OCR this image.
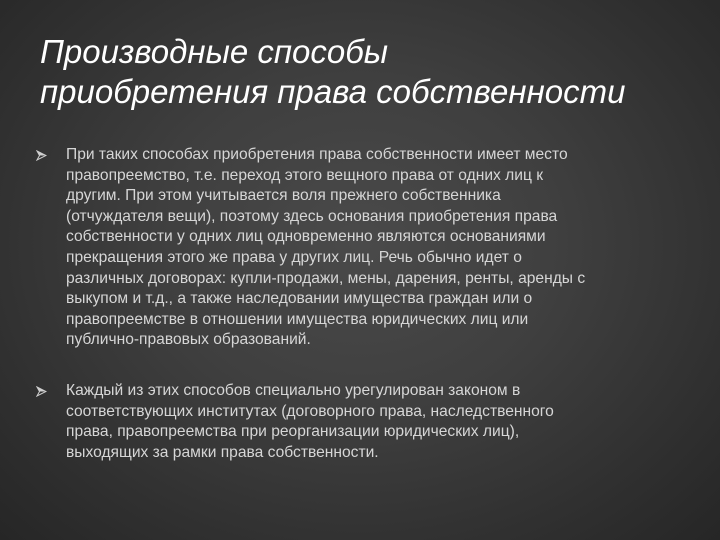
Производные способы
приобретения права собственности
При таких способах приобретения права собственности имеет место
правопреемство, т.е. переход этого вещного права от одних лиц к
другим. При этом учитывается воля прежнего собственника
(отчуждателя вещи), поэтому здесь основания приобретения права
собственности у одних лиц одновременно являются основаниями
прекращения этого же права у других лиц. Речь обычно идет о
различных договорах: купли-продажи, мены, дарения, ренты, аренды с
выкупом и т.д., а также наследовании имущества граждан или о
правопреемстве в отношении имущества юридических лиц или
публично-правовых образований.
Каждый из этих способов специально урегулирован законом в
соответствующих институтах (договорного права, наследственного
права, правопреемства при реорганизации юридических лиц),
выходящих за рамки права собственности.
